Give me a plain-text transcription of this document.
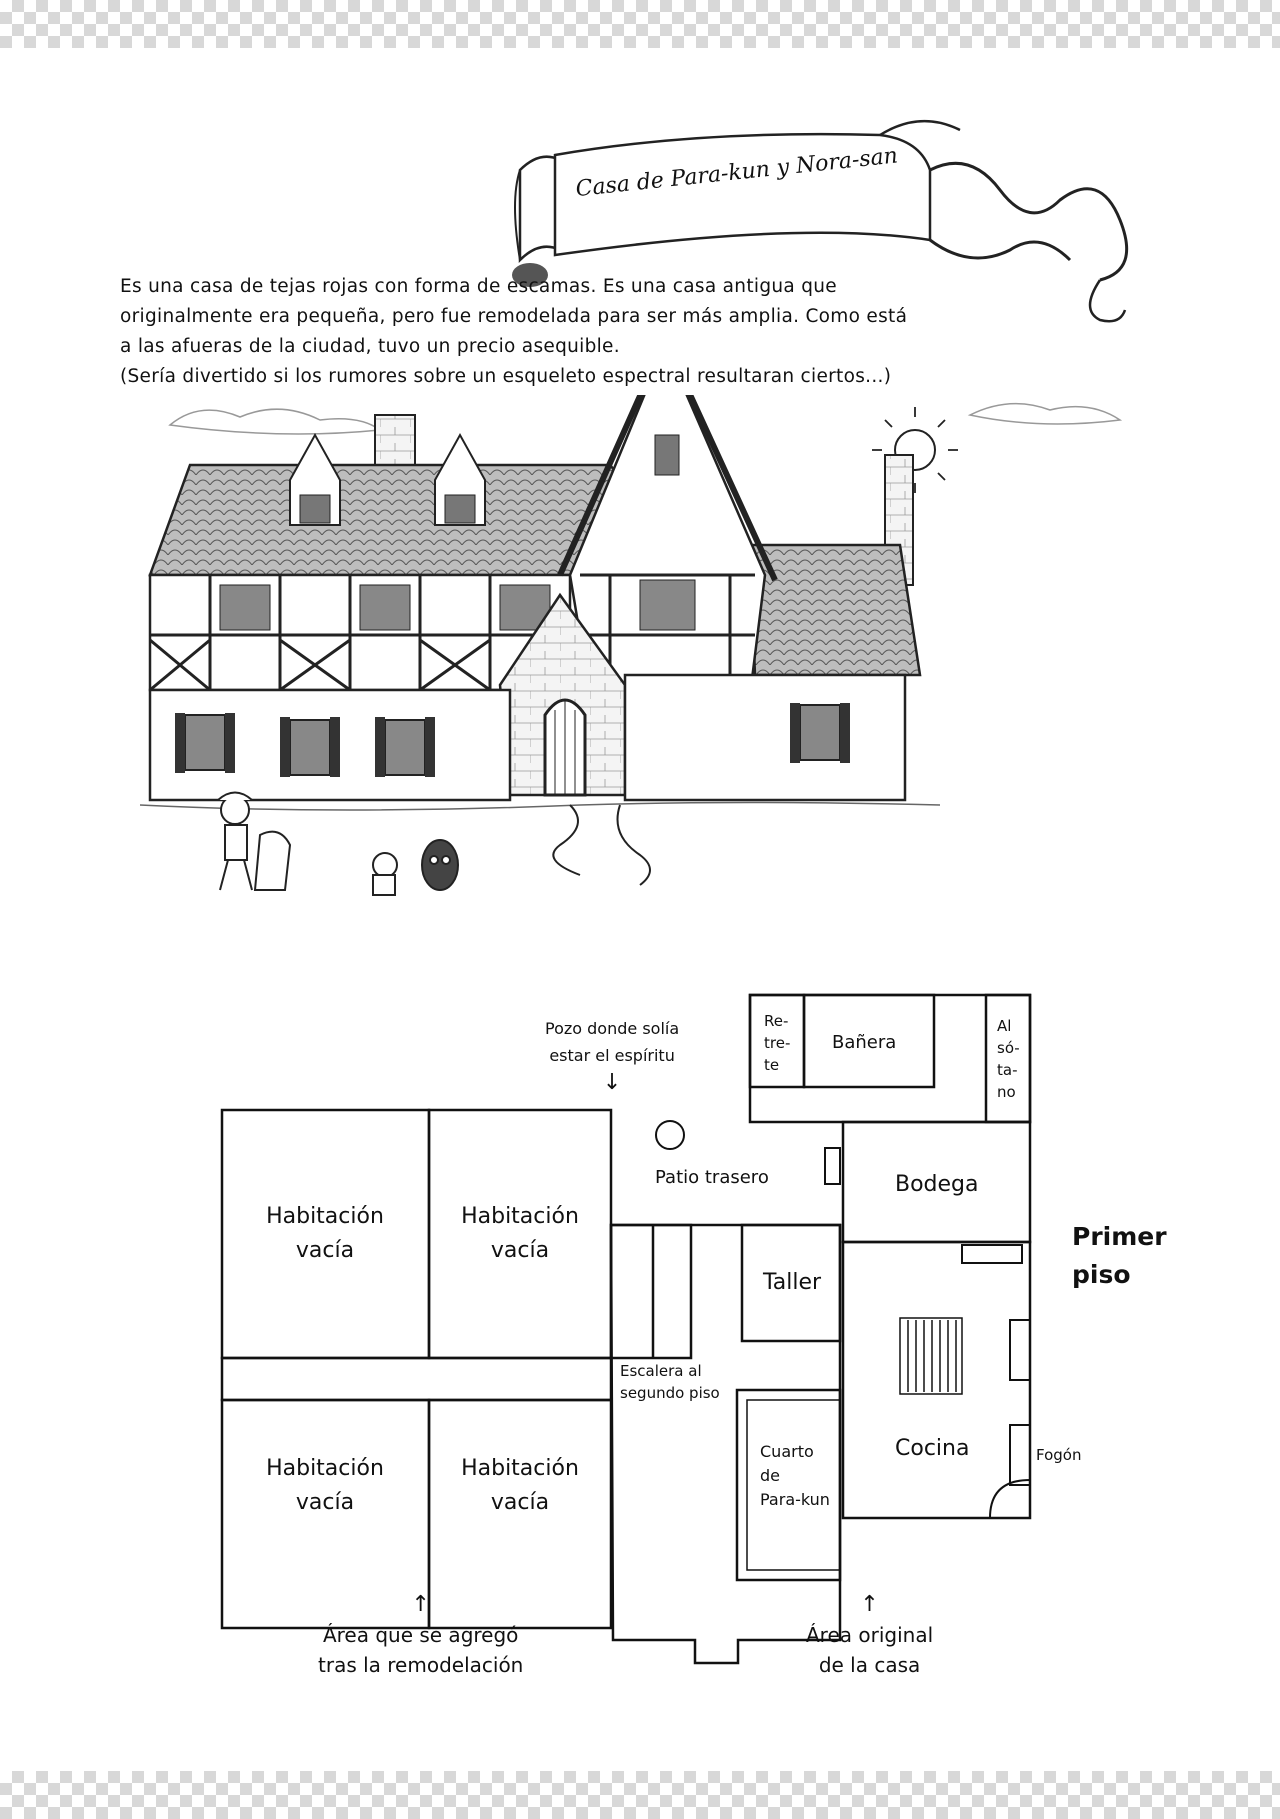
Casa de Para-kun y Nora-san

Es una casa de tejas rojas con forma de escamas. Es una casa antigua que

originalmente era pequeña, pero fue remodelada para ser más amplia. Como está

a las afueras de la ciudad, tuvo un precio asequible.

(Sería divertido si los rumores sobre un esqueleto espectral resultaran ciertos...)

Primer
piso
Habitación
vacía
Habitación
vacía
Habitación
vacía
Habitación
vacía
Re-
tre-
te
Bañera
Al
só-
ta-
no
Patio trasero	Bodega
Taller
Cocina	Fogón
Escalera al
segundo piso
Cuarto
de
Para-kun
Pozo donde solía
estar el espíritu
↓
↑
Área que se agregó
tras la remodelación
↑
Área original
de la casa
